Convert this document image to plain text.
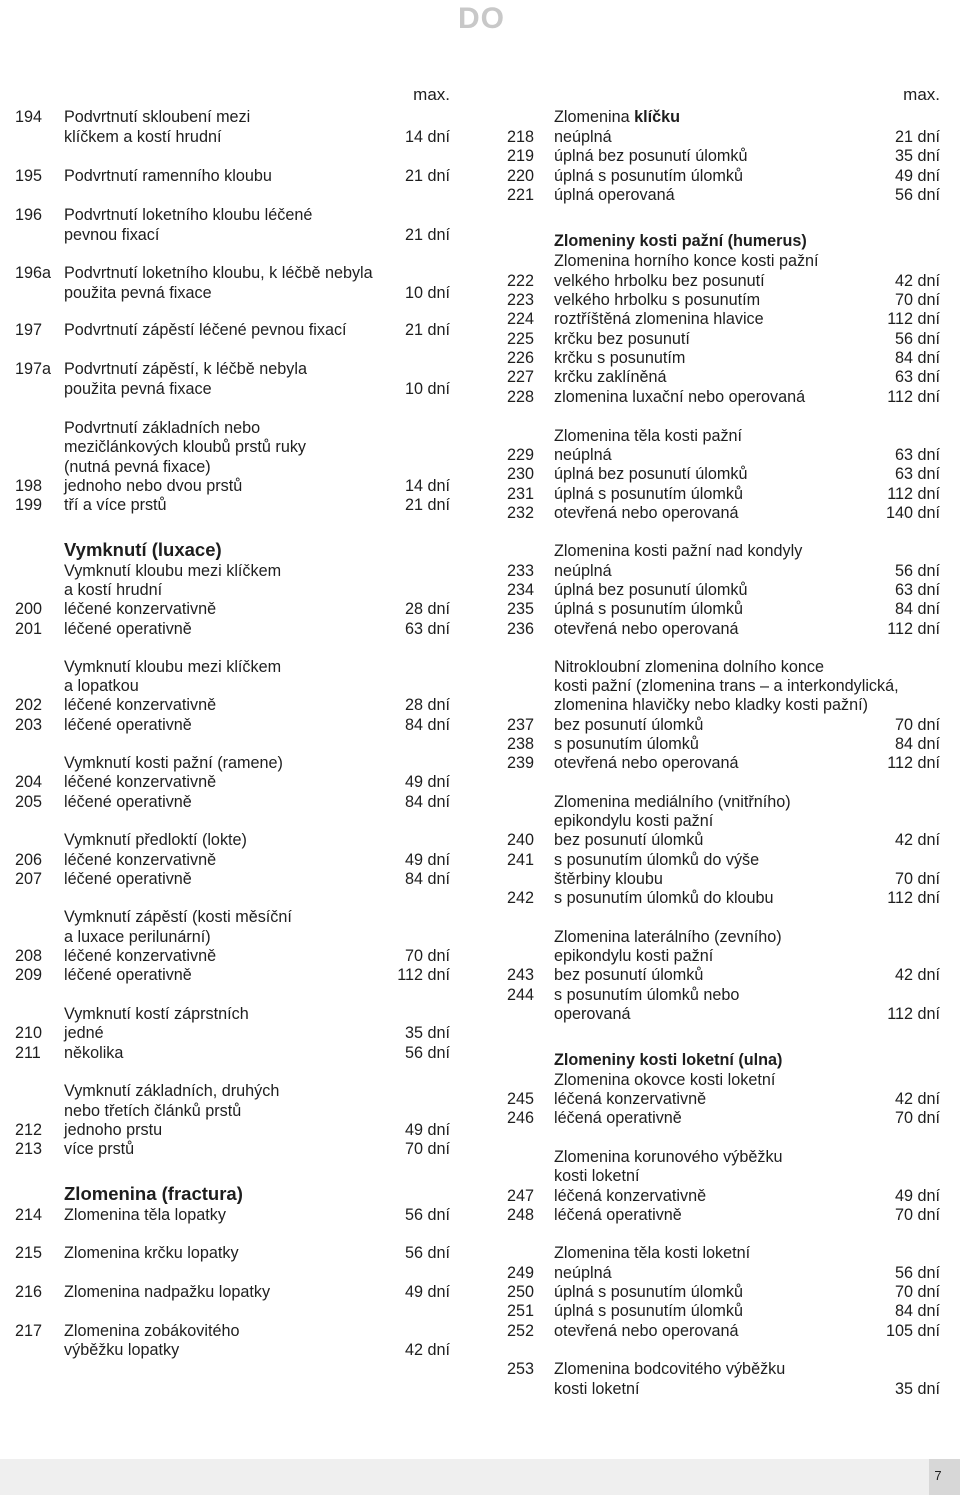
DO
max.
194 Podvrtnutí skloubení mezi
klíčkem a kostí hrudní	14 dní
195 Podvrtnutí ramenního kloubu	21 dní
196 Podvrtnutí loketního kloubu léčené
pevnou fixací	21 dní
196a Podvrtnutí loketního kloubu, k léčbě nebyla
použita pevná fixace	10 dní
197 Podvrtnutí zápěstí léčené pevnou fixací	21 dní
197a Podvrtnutí zápěstí, k léčbě nebyla
použita pevná fixace	10 dní
Podvrtnutí základních nebo
mezičlánkových kloubů prstů ruky
(nutná pevná fixace)
198 jednoho nebo dvou prstů	14 dní
199 tří a více prstů	21 dní
Vymknutí (luxace)
Vymknutí kloubu mezi klíčkem
a kostí hrudní
200 léčené konzervativně	28 dní
201 léčené operativně	63 dní
Vymknutí kloubu mezi klíčkem
a lopatkou
202 léčené konzervativně	28 dní
203 léčené operativně	84 dní
Vymknutí kosti pažní (ramene)
204 léčené konzervativně	49 dní
205 léčené operativně	84 dní
Vymknutí předloktí (lokte)
206 léčené konzervativně	49 dní
207 léčené operativně	84 dní
Vymknutí zápěstí (kosti měsíční
a luxace perilunární)
208 léčené konzervativně	70 dní
209 léčené operativně	112 dní
Vymknutí kostí záprstních
210 jedné	35 dní
211 několika	56 dní
Vymknutí základních, druhých
nebo třetích článků prstů
212 jednoho prstu	49 dní
213 více prstů	70 dní
Zlomenina (fractura)
214 Zlomenina těla lopatky	56 dní
215 Zlomenina krčku lopatky	56 dní
216 Zlomenina nadpažku lopatky	49 dní
217 Zlomenina zobákovitého
výběžku lopatky	42 dní
max.
Zlomenina klíčku
218 neúplná	21 dní
219 úplná bez posunutí úlomků	35 dní
220 úplná s posunutím úlomků	49 dní
221 úplná operovaná	56 dní
Zlomeniny kosti pažní (humerus)
Zlomenina horního konce kosti pažní
222 velkého hrbolku bez posunutí	42 dní
223 velkého hrbolku s posunutím	70 dní
224 roztříštěná zlomenina hlavice	112 dní
225 krčku bez posunutí	56 dní
226 krčku s posunutím	84 dní
227 krčku zaklíněná	63 dní
228 zlomenina luxační nebo operovaná	112 dní
Zlomenina těla kosti pažní
229 neúplná	63 dní
230 úplná bez posunutí úlomků	63 dní
231 úplná s posunutím úlomků	112 dní
232 otevřená nebo operovaná	140 dní
Zlomenina kosti pažní nad kondyly
233 neúplná	56 dní
234 úplná bez posunutí úlomků	63 dní
235 úplná s posunutím úlomků	84 dní
236 otevřená nebo operovaná	112 dní
Nitrokloubní zlomenina dolního konce
kosti pažní (zlomenina trans – a interkondylická,
zlomenina hlavičky nebo kladky kosti pažní)
237 bez posunutí úlomků	70 dní
238 s posunutím úlomků	84 dní
239 otevřená nebo operovaná	112 dní
Zlomenina mediálního (vnitřního)
epikondylu kosti pažní
240 bez posunutí úlomků	42 dní
241 s posunutím úlomků do výše
štěrbiny kloubu	70 dní
242 s posunutím úlomků do kloubu	112 dní
Zlomenina laterálního (zevního)
epikondylu kosti pažní
243 bez posunutí úlomků	42 dní
244 s posunutím úlomků nebo
operovaná	112 dní
Zlomeniny kosti loketní (ulna)
Zlomenina okovce kosti loketní
245 léčená konzervativně	42 dní
246 léčená operativně	70 dní
Zlomenina korunového výběžku
kosti loketní
247 léčená konzervativně	49 dní
248 léčená operativně	70 dní
Zlomenina těla kosti loketní
249 neúplná	56 dní
250 úplná s posunutím úlomků	70 dní
251 úplná s posunutím úlomků	84 dní
252 otevřená nebo operovaná	105 dní
253 Zlomenina bodcovitého výběžku
kosti loketní	35 dní
7
